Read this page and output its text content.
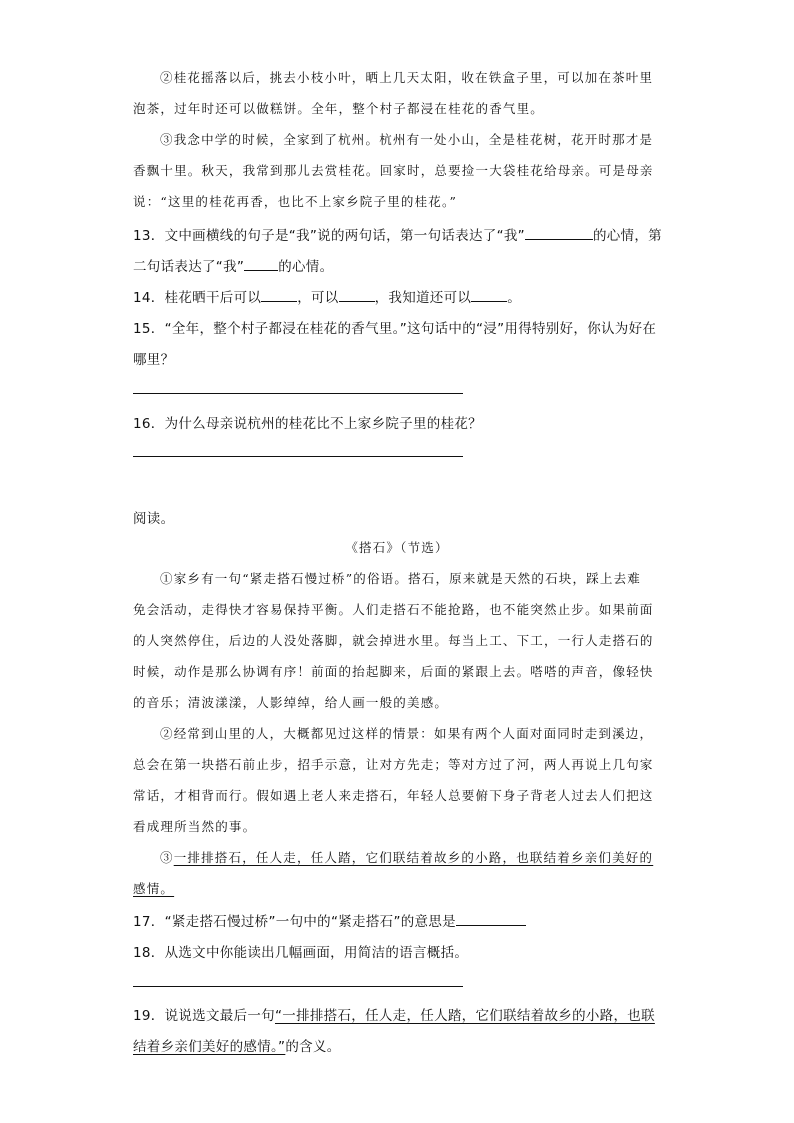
②桂花摇落以后，挑去小枝小叶，晒上几天太阳，收在铁盒子里，可以加在茶叶里
泡茶，过年时还可以做糕饼。全年，整个村子都浸在桂花的香气里。
③我念中学的时候，全家到了杭州。杭州有一处小山，全是桂花树，花开时那才是
香飘十里。秋天，我常到那儿去赏桂花。回家时，总要捡一大袋桂花给母亲。可是母亲
说：“这里的桂花再香，也比不上家乡院子里的桂花。”
13．文中画横线的句子是“我”说的两句话，第一句话表达了“我”	的心情，第
二句话表达了“我”	的心情。
14．桂花晒干后可以	，可以	，我知道还可以	。
15．“全年，整个村子都浸在桂花的香气里。”这句话中的“浸”用得特别好，你认为好在
哪里？
16．为什么母亲说杭州的桂花比不上家乡院子里的桂花？
阅读。
《搭石》（节选）
①家乡有一句“紧走搭石慢过桥”的俗语。搭石，原来就是天然的石块，踩上去难
免会活动，走得快才容易保持平衡。人们走搭石不能抢路，也不能突然止步。如果前面
的人突然停住，后边的人没处落脚，就会掉进水里。每当上工、下工，一行人走搭石的
时候，动作是那么协调有序！前面的抬起脚来，后面的紧跟上去。嗒嗒的声音，像轻快
的音乐；清波漾漾，人影绰绰，给人画一般的美感。
②经常到山里的人，大概都见过这样的情景：如果有两个人面对面同时走到溪边，
总会在第一块搭石前止步，招手示意，让对方先走；等对方过了河，两人再说上几句家
常话，才相背而行。假如遇上老人来走搭石，年轻人总要俯下身子背老人过去人们把这
看成理所当然的事。
③一排排搭石，任人走，任人踏，它们联结着故乡的小路，也联结着乡亲们美好的
感情。
17．“紧走搭石慢过桥”一句中的“紧走搭石”的意思是
18．从选文中你能读出几幅画面，用简洁的语言概括。
19．说说选文最后一句“一排排搭石，任人走，任人踏，它们联结着故乡的小路，也联
结着乡亲们美好的感情。”的含义。
